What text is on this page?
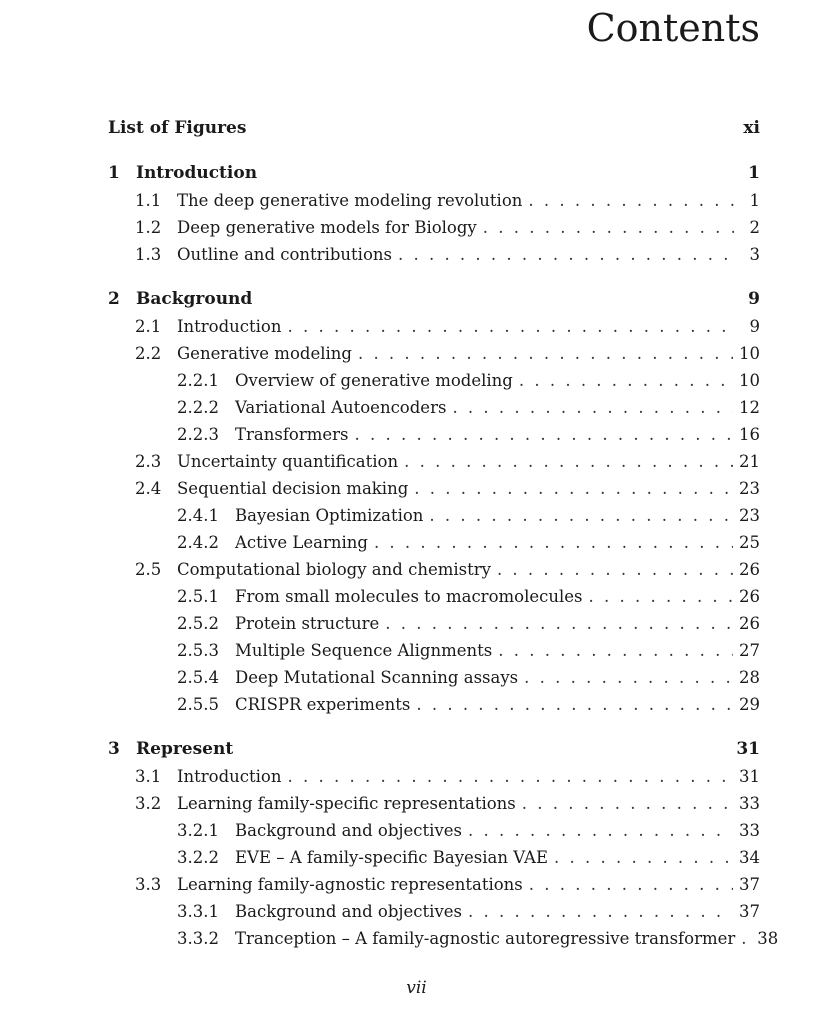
Contents
List of Figures	xi
1 Introduction	1
1.1 The deep generative modeling revolution . . .	1
1.2 Deep generative models for Biology . . .	2
1.3 Outline and contributions . . .	3
2 Background	9
2.1 Introduction . . .	9
2.2 Generative modeling . . .	10
2.2.1 Overview of generative modeling . . .	10
2.2.2 Variational Autoencoders . . .	12
2.2.3 Transformers . . .	16
2.3 Uncertainty quantification . . .	21
2.4 Sequential decision making . . .	23
2.4.1 Bayesian Optimization . . .	23
2.4.2 Active Learning . . .	25
2.5 Computational biology and chemistry . . .	26
2.5.1 From small molecules to macromolecules . . .	26
2.5.2 Protein structure . . .	26
2.5.3 Multiple Sequence Alignments . . .	27
2.5.4 Deep Mutational Scanning assays . . .	28
2.5.5 CRISPR experiments . . .	29
3 Represent	31
3.1 Introduction . . .	31
3.2 Learning family-specific representations . . .	33
3.2.1 Background and objectives . . .	33
3.2.2 EVE – A family-specific Bayesian VAE . . .	34
3.3 Learning family-agnostic representations . . .	37
3.3.1 Background and objectives . . .	37
3.3.2 Tranception – A family-agnostic autoregressive transformer . . . 38
vii
